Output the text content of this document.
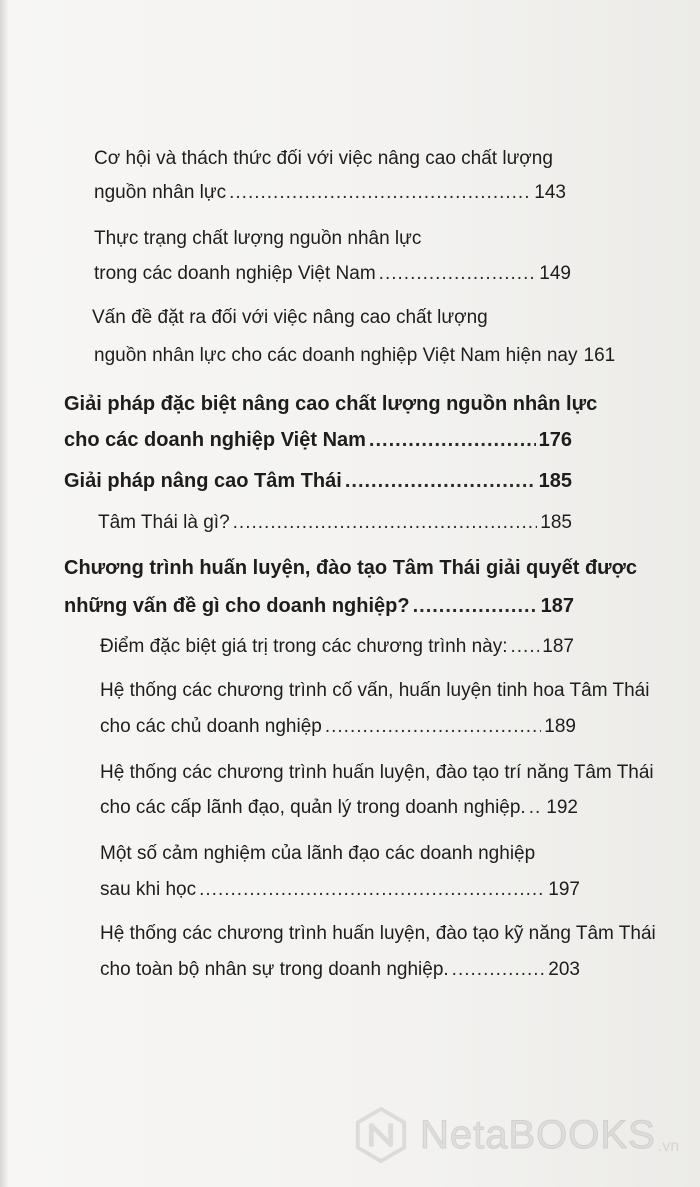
Cơ hội và thách thức đối với việc nâng cao chất lượng
nguồn nhân lực .....	143
Thực trạng chất lượng nguồn nhân lực
trong các doanh nghiệp Việt Nam .....	149
Vấn đề đặt ra đối với việc nâng cao chất lượng
nguồn nhân lực cho các doanh nghiệp Việt Nam hiện nay 161
Giải pháp đặc biệt nâng cao chất lượng nguồn nhân lực
cho các doanh nghiệp Việt Nam .....	176
Giải pháp nâng cao Tâm Thái .....	185
Tâm Thái là gì? .....	185
Chương trình huấn luyện, đào tạo Tâm Thái giải quyết được
những vấn đề gì cho doanh nghiệp? .....	187
Điểm đặc biệt giá trị trong các chương trình này: ..... 187
Hệ thống các chương trình cố vấn, huấn luyện tinh hoa Tâm Thái
cho các chủ doanh nghiệp .....	189
Hệ thống các chương trình huấn luyện, đào tạo trí năng Tâm Thái
cho các cấp lãnh đạo, quản lý trong doanh nghiệp. ..... 192
Một số cảm nghiệm của lãnh đạo các doanh nghiệp
sau khi học .....	197
Hệ thống các chương trình huấn luyện, đào tạo kỹ năng Tâm Thái
cho toàn bộ nhân sự trong doanh nghiệp. .....	203
NetaBOOKS .vn
